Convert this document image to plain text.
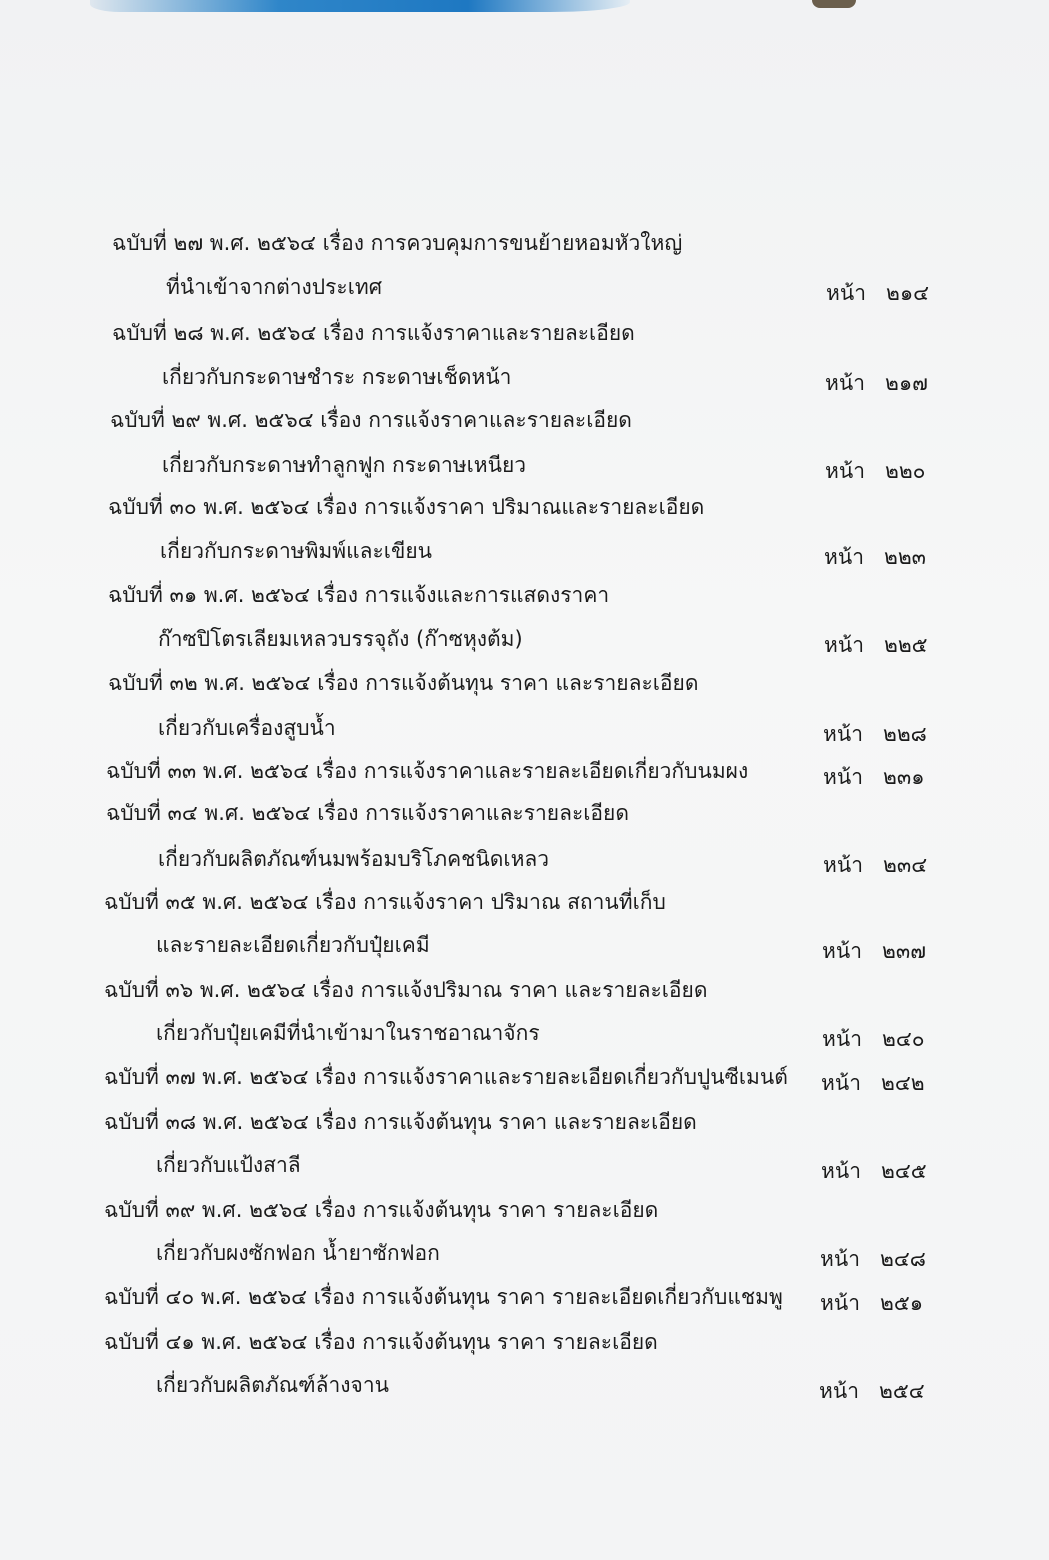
ฉบับที่ ๒๗ พ.ศ. ๒๕๖๔ เรื่อง การควบคุมการขนย้ายหอมหัวใหญ่
ที่นำเข้าจากต่างประเทศ	หน้า ๒๑๔
ฉบับที่ ๒๘ พ.ศ. ๒๕๖๔ เรื่อง การแจ้งราคาและรายละเอียด
เกี่ยวกับกระดาษชำระ กระดาษเช็ดหน้า	หน้า ๒๑๗
ฉบับที่ ๒๙ พ.ศ. ๒๕๖๔ เรื่อง การแจ้งราคาและรายละเอียด
เกี่ยวกับกระดาษทำลูกฟูก กระดาษเหนียว	หน้า ๒๒๐
ฉบับที่ ๓๐ พ.ศ. ๒๕๖๔ เรื่อง การแจ้งราคา ปริมาณและรายละเอียด
เกี่ยวกับกระดาษพิมพ์และเขียน	หน้า ๒๒๓
ฉบับที่ ๓๑ พ.ศ. ๒๕๖๔ เรื่อง การแจ้งและการแสดงราคา
ก๊าซปิโตรเลียมเหลวบรรจุถัง (ก๊าซหุงต้ม)	หน้า ๒๒๕
ฉบับที่ ๓๒ พ.ศ. ๒๕๖๔ เรื่อง การแจ้งต้นทุน ราคา และรายละเอียด
เกี่ยวกับเครื่องสูบน้ำ	หน้า ๒๒๘
ฉบับที่ ๓๓ พ.ศ. ๒๕๖๔ เรื่อง การแจ้งราคาและรายละเอียดเกี่ยวกับนมผง	หน้า ๒๓๑
ฉบับที่ ๓๔ พ.ศ. ๒๕๖๔ เรื่อง การแจ้งราคาและรายละเอียด
เกี่ยวกับผลิตภัณฑ์นมพร้อมบริโภคชนิดเหลว	หน้า ๒๓๔
ฉบับที่ ๓๕ พ.ศ. ๒๕๖๔ เรื่อง การแจ้งราคา ปริมาณ สถานที่เก็บ
และรายละเอียดเกี่ยวกับปุ๋ยเคมี	หน้า ๒๓๗
ฉบับที่ ๓๖ พ.ศ. ๒๕๖๔ เรื่อง การแจ้งปริมาณ ราคา และรายละเอียด
เกี่ยวกับปุ๋ยเคมีที่นำเข้ามาในราชอาณาจักร	หน้า ๒๔๐
ฉบับที่ ๓๗ พ.ศ. ๒๕๖๔ เรื่อง การแจ้งราคาและรายละเอียดเกี่ยวกับปูนซีเมนต์ หน้า ๒๔๒
ฉบับที่ ๓๘ พ.ศ. ๒๕๖๔ เรื่อง การแจ้งต้นทุน ราคา และรายละเอียด
เกี่ยวกับแป้งสาลี	หน้า ๒๔๕
ฉบับที่ ๓๙ พ.ศ. ๒๕๖๔ เรื่อง การแจ้งต้นทุน ราคา รายละเอียด
เกี่ยวกับผงซักฟอก น้ำยาซักฟอก	หน้า ๒๔๘
ฉบับที่ ๔๐ พ.ศ. ๒๕๖๔ เรื่อง การแจ้งต้นทุน ราคา รายละเอียดเกี่ยวกับแชมพู หน้า ๒๕๑
ฉบับที่ ๔๑ พ.ศ. ๒๕๖๔ เรื่อง การแจ้งต้นทุน ราคา รายละเอียด
เกี่ยวกับผลิตภัณฑ์ล้างจาน	หน้า ๒๕๔
